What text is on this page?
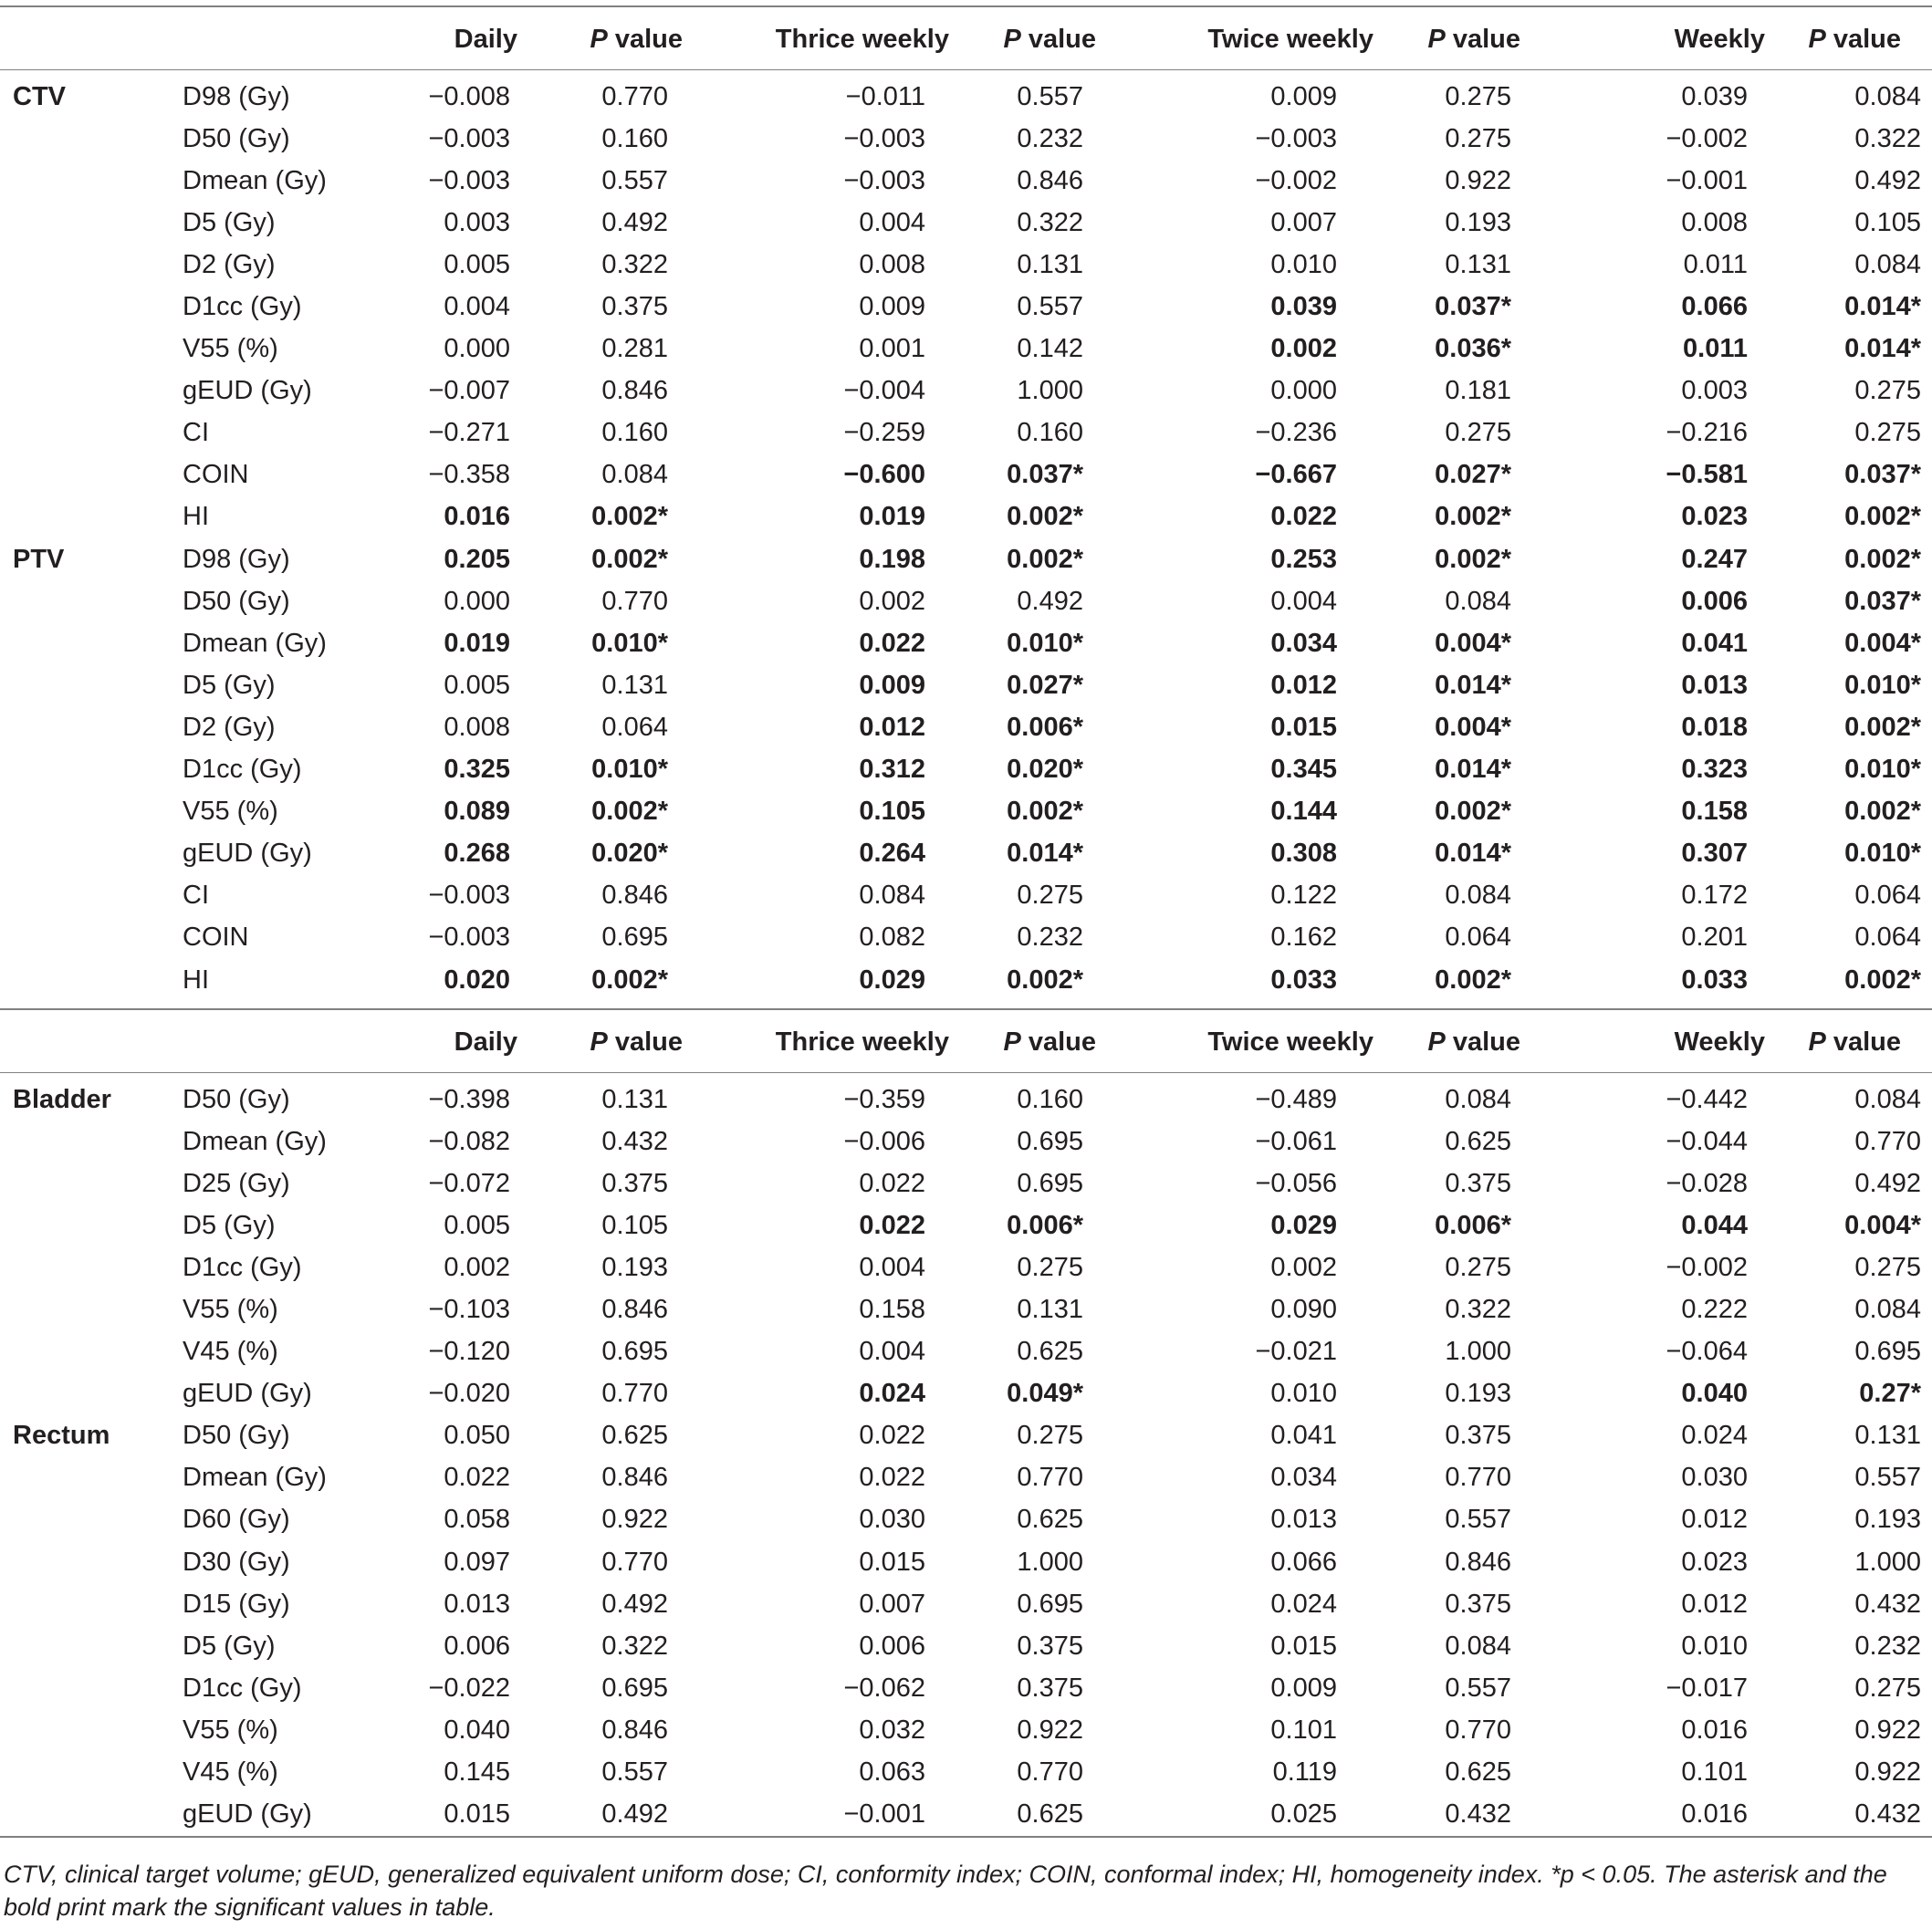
		Daily	P value	Thrice weekly	P value	Twice weekly	P value	Weekly	P value
CTV	D98 (Gy)	−0.008	0.770	−0.011	0.557	0.009	0.275	0.039	0.084
	D50 (Gy)	−0.003	0.160	−0.003	0.232	−0.003	0.275	−0.002	0.322
	Dmean (Gy)	−0.003	0.557	−0.003	0.846	−0.002	0.922	−0.001	0.492
	D5 (Gy)	0.003	0.492	0.004	0.322	0.007	0.193	0.008	0.105
	D2 (Gy)	0.005	0.322	0.008	0.131	0.010	0.131	0.011	0.084
	D1cc (Gy)	0.004	0.375	0.009	0.557	0.039	0.037*	0.066	0.014*
	V55 (%)	0.000	0.281	0.001	0.142	0.002	0.036*	0.011	0.014*
	gEUD (Gy)	−0.007	0.846	−0.004	1.000	0.000	0.181	0.003	0.275
	CI	−0.271	0.160	−0.259	0.160	−0.236	0.275	−0.216	0.275
	COIN	−0.358	0.084	−0.600	0.037*	−0.667	0.027*	−0.581	0.037*
	HI	0.016	0.002*	0.019	0.002*	0.022	0.002*	0.023	0.002*
PTV	D98 (Gy)	0.205	0.002*	0.198	0.002*	0.253	0.002*	0.247	0.002*
	D50 (Gy)	0.000	0.770	0.002	0.492	0.004	0.084	0.006	0.037*
	Dmean (Gy)	0.019	0.010*	0.022	0.010*	0.034	0.004*	0.041	0.004*
	D5 (Gy)	0.005	0.131	0.009	0.027*	0.012	0.014*	0.013	0.010*
	D2 (Gy)	0.008	0.064	0.012	0.006*	0.015	0.004*	0.018	0.002*
	D1cc (Gy)	0.325	0.010*	0.312	0.020*	0.345	0.014*	0.323	0.010*
	V55 (%)	0.089	0.002*	0.105	0.002*	0.144	0.002*	0.158	0.002*
	gEUD (Gy)	0.268	0.020*	0.264	0.014*	0.308	0.014*	0.307	0.010*
	CI	−0.003	0.846	0.084	0.275	0.122	0.084	0.172	0.064
	COIN	−0.003	0.695	0.082	0.232	0.162	0.064	0.201	0.064
	HI	0.020	0.002*	0.029	0.002*	0.033	0.002*	0.033	0.002*
		Daily	P value	Thrice weekly	P value	Twice weekly	P value	Weekly	P value
Bladder	D50 (Gy)	−0.398	0.131	−0.359	0.160	−0.489	0.084	−0.442	0.084
	Dmean (Gy)	−0.082	0.432	−0.006	0.695	−0.061	0.625	−0.044	0.770
	D25 (Gy)	−0.072	0.375	0.022	0.695	−0.056	0.375	−0.028	0.492
	D5 (Gy)	0.005	0.105	0.022	0.006*	0.029	0.006*	0.044	0.004*
	D1cc (Gy)	0.002	0.193	0.004	0.275	0.002	0.275	−0.002	0.275
	V55 (%)	−0.103	0.846	0.158	0.131	0.090	0.322	0.222	0.084
	V45 (%)	−0.120	0.695	0.004	0.625	−0.021	1.000	−0.064	0.695
	gEUD (Gy)	−0.020	0.770	0.024	0.049*	0.010	0.193	0.040	0.27*
Rectum	D50 (Gy)	0.050	0.625	0.022	0.275	0.041	0.375	0.024	0.131
	Dmean (Gy)	0.022	0.846	0.022	0.770	0.034	0.770	0.030	0.557
	D60 (Gy)	0.058	0.922	0.030	0.625	0.013	0.557	0.012	0.193
	D30 (Gy)	0.097	0.770	0.015	1.000	0.066	0.846	0.023	1.000
	D15 (Gy)	0.013	0.492	0.007	0.695	0.024	0.375	0.012	0.432
	D5 (Gy)	0.006	0.322	0.006	0.375	0.015	0.084	0.010	0.232
	D1cc (Gy)	−0.022	0.695	−0.062	0.375	0.009	0.557	−0.017	0.275
	V55 (%)	0.040	0.846	0.032	0.922	0.101	0.770	0.016	0.922
	V45 (%)	0.145	0.557	0.063	0.770	0.119	0.625	0.101	0.922
	gEUD (Gy)	0.015	0.492	−0.001	0.625	0.025	0.432	0.016	0.432
CTV, clinical target volume; gEUD, generalized equivalent uniform dose; CI, conformity index; COIN, conformal index; HI, homogeneity index. *p < 0.05. The asterisk and the bold print mark the significant values in table.
